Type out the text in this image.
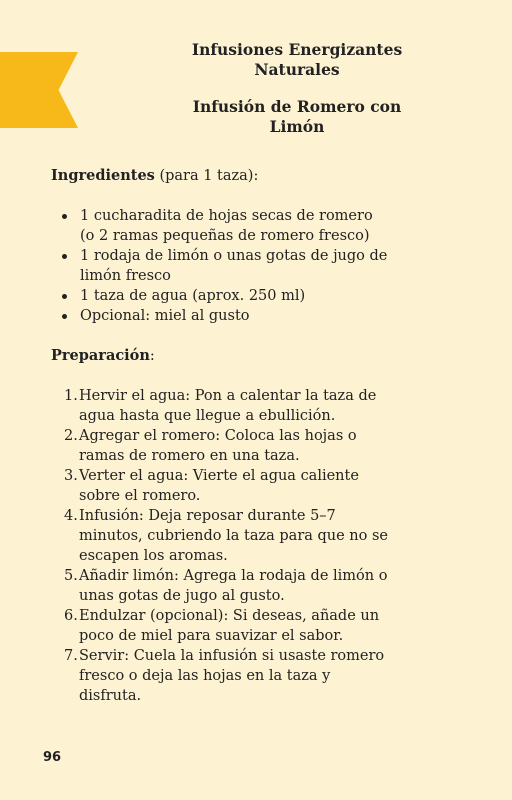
Infusiones Energizantes
Naturales
Infusión de Romero con
Limón

Ingredientes (para 1 taza):

1 cucharadita de hojas secas de romero (o 2 ramas pequeñas de romero fresco)
1 rodaja de limón o unas gotas de jugo de limón fresco
1 taza de agua (aprox. 250 ml)
Opcional: miel al gusto

Preparación:

1. Hervir el agua: Pon a calentar la taza de agua hasta que llegue a ebullición.
2. Agregar el romero: Coloca las hojas o ramas de romero en una taza.
3. Verter el agua: Vierte el agua caliente sobre el romero.
4. Infusión: Deja reposar durante 5–7 minutos, cubriendo la taza para que no se escapen los aromas.
5. Añadir limón: Agrega la rodaja de limón o unas gotas de jugo al gusto.
6. Endulzar (opcional): Si deseas, añade un poco de miel para suavizar el sabor.
7. Servir: Cuela la infusión si usaste romero fresco o deja las hojas en la taza y disfruta.
96
